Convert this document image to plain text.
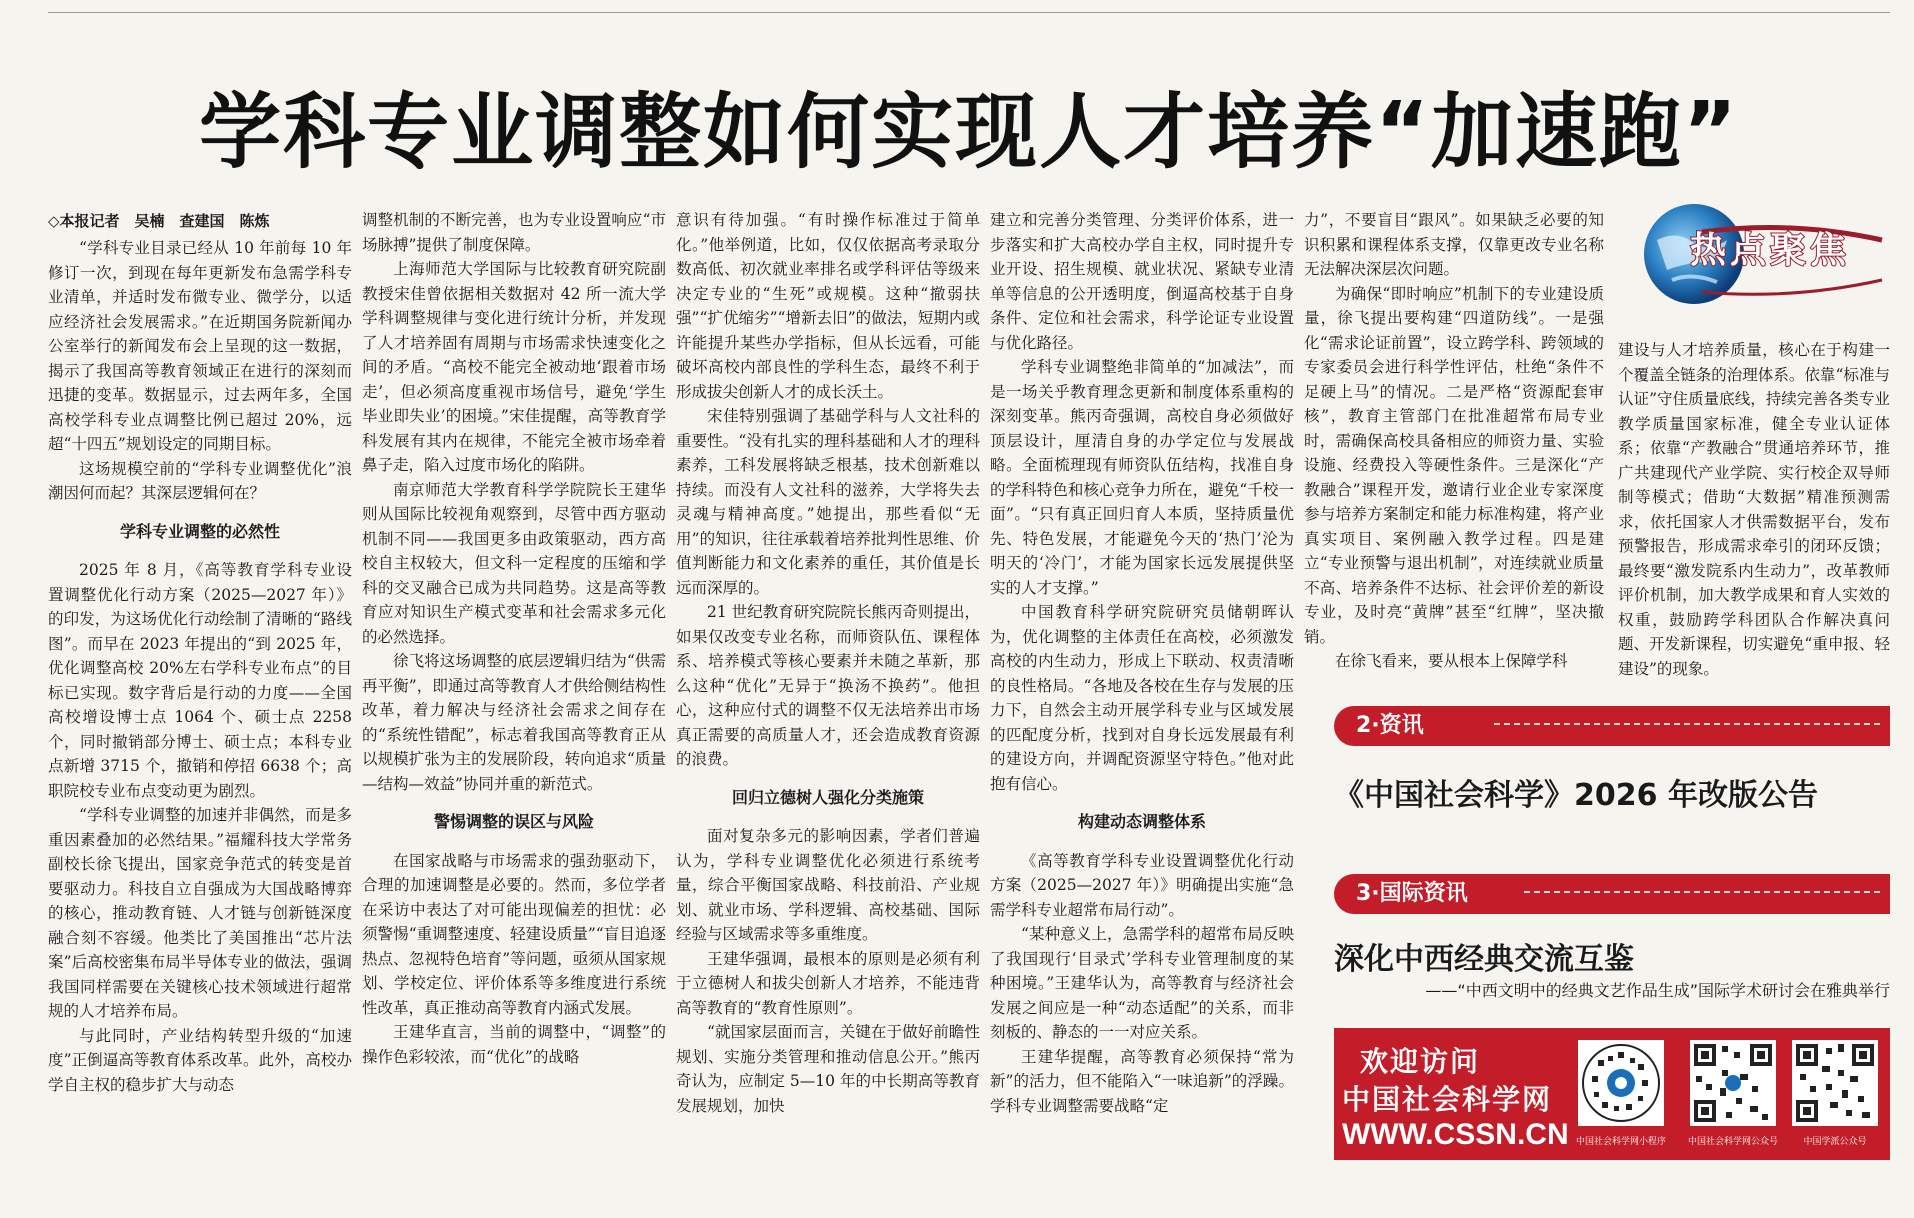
学科专业调整如何实现人才培养“加速跑”
◇本报记者　吴楠　查建国　陈炼

“学科专业目录已经从 10 年前每 10 年修订一次，到现在每年更新发布急需学科专业清单，并适时发布微专业、微学分，以适应经济社会发展需求。”在近期国务院新闻办公室举行的新闻发布会上呈现的这一数据，揭示了我国高等教育领域正在进行的深刻而迅捷的变革。数据显示，过去两年多，全国高校学科专业点调整比例已超过 20%，远超“十四五”规划设定的同期目标。

这场规模空前的“学科专业调整优化”浪潮因何而起？其深层逻辑何在？

学科专业调整的必然性

2025 年 8 月，《高等教育学科专业设置调整优化行动方案（2025—2027 年）》的印发，为这场优化行动绘制了清晰的“路线图”。而早在 2023 年提出的“到 2025 年，优化调整高校 20%左右学科专业布点”的目标已实现。数字背后是行动的力度——全国高校增设博士点 1064 个、硕士点 2258 个，同时撤销部分博士、硕士点；本科专业点新增 3715 个，撤销和停招 6638 个；高职院校专业布点变动更为剧烈。

“学科专业调整的加速并非偶然，而是多重因素叠加的必然结果。”福耀科技大学常务副校长徐飞提出，国家竞争范式的转变是首要驱动力。科技自立自强成为大国战略博弈的核心，推动教育链、人才链与创新链深度融合刻不容缓。他类比了美国推出“芯片法案”后高校密集布局半导体专业的做法，强调我国同样需要在关键核心技术领域进行超常规的人才培养布局。

与此同时，产业结构转型升级的“加速度”正倒逼高等教育体系改革。此外，高校办学自主权的稳步扩大与动态

调整机制的不断完善，也为专业设置响应“市场脉搏”提供了制度保障。

上海师范大学国际与比较教育研究院副教授宋佳曾依据相关数据对 42 所一流大学学科调整规律与变化进行统计分析，并发现了人才培养固有周期与市场需求快速变化之间的矛盾。“高校不能完全被动地‘跟着市场走’，但必须高度重视市场信号，避免‘学生毕业即失业’的困境。”宋佳提醒，高等教育学科发展有其内在规律，不能完全被市场牵着鼻子走，陷入过度市场化的陷阱。

南京师范大学教育科学学院院长王建华则从国际比较视角观察到，尽管中西方驱动机制不同——我国更多由政策驱动，西方高校自主权较大，但文科一定程度的压缩和学科的交叉融合已成为共同趋势。这是高等教育应对知识生产模式变革和社会需求多元化的必然选择。

徐飞将这场调整的底层逻辑归结为“供需再平衡”，即通过高等教育人才供给侧结构性改革，着力解决与经济社会需求之间存在的“系统性错配”，标志着我国高等教育正从以规模扩张为主的发展阶段，转向追求“质量—结构—效益”协同并重的新范式。

警惕调整的误区与风险

在国家战略与市场需求的强劲驱动下，合理的加速调整是必要的。然而，多位学者在采访中表达了对可能出现偏差的担忧：必须警惕“重调整速度、轻建设质量”“盲目追逐热点、忽视特色培育”等问题，亟须从国家规划、学校定位、评价体系等多维度进行系统性改革，真正推动高等教育内涵式发展。

王建华直言，当前的调整中，“调整”的操作色彩较浓，而“优化”的战略

意识有待加强。“有时操作标准过于简单化。”他举例道，比如，仅仅依据高考录取分数高低、初次就业率排名或学科评估等级来决定专业的“生死”或规模。这种“撤弱扶强”“扩优缩劣”“增新去旧”的做法，短期内或许能提升某些办学指标，但从长远看，可能破坏高校内部良性的学科生态，最终不利于形成拔尖创新人才的成长沃土。

宋佳特别强调了基础学科与人文社科的重要性。“没有扎实的理科基础和人才的理科素养，工科发展将缺乏根基，技术创新难以持续。而没有人文社科的滋养，大学将失去灵魂与精神高度。”她提出，那些看似“无用”的知识，往往承载着培养批判性思维、价值判断能力和文化素养的重任，其价值是长远而深厚的。

21 世纪教育研究院院长熊丙奇则提出，如果仅改变专业名称，而师资队伍、课程体系、培养模式等核心要素并未随之革新，那么这种“优化”无异于“换汤不换药”。他担心，这种应付式的调整不仅无法培养出市场真正需要的高质量人才，还会造成教育资源的浪费。

回归立德树人强化分类施策

面对复杂多元的影响因素，学者们普遍认为，学科专业调整优化必须进行系统考量，综合平衡国家战略、科技前沿、产业规划、就业市场、学科逻辑、高校基础、国际经验与区域需求等多重维度。

王建华强调，最根本的原则是必须有利于立德树人和拔尖创新人才培养，不能违背高等教育的“教育性原则”。

“就国家层面而言，关键在于做好前瞻性规划、实施分类管理和推动信息公开。”熊丙奇认为，应制定 5—10 年的中长期高等教育发展规划，加快

建立和完善分类管理、分类评价体系，进一步落实和扩大高校办学自主权，同时提升专业开设、招生规模、就业状况、紧缺专业清单等信息的公开透明度，倒逼高校基于自身条件、定位和社会需求，科学论证专业设置与优化路径。

学科专业调整绝非简单的“加减法”，而是一场关乎教育理念更新和制度体系重构的深刻变革。熊丙奇强调，高校自身必须做好顶层设计，厘清自身的办学定位与发展战略。全面梳理现有师资队伍结构，找准自身的学科特色和核心竞争力所在，避免“千校一面”。“只有真正回归育人本质，坚持质量优先、特色发展，才能避免今天的‘热门’沦为明天的‘冷门’，才能为国家长远发展提供坚实的人才支撑。”

中国教育科学研究院研究员储朝晖认为，优化调整的主体责任在高校，必须激发高校的内生动力，形成上下联动、权责清晰的良性格局。“各地及各校在生存与发展的压力下，自然会主动开展学科专业与区域发展的匹配度分析，找到对自身长远发展最有利的建设方向，并调配资源坚守特色。”他对此抱有信心。

构建动态调整体系

《高等教育学科专业设置调整优化行动方案（2025—2027 年）》明确提出实施“急需学科专业超常布局行动”。

“某种意义上，急需学科的超常布局反映了我国现行‘目录式’学科专业管理制度的某种困境。”王建华认为，高等教育与经济社会发展之间应是一种“动态适配”的关系，而非刻板的、静态的一一对应关系。

王建华提醒，高等教育必须保持“常为新”的活力，但不能陷入“一味追新”的浮躁。学科专业调整需要战略“定

力”，不要盲目“跟风”。如果缺乏必要的知识积累和课程体系支撑，仅靠更改专业名称无法解决深层次问题。

为确保“即时响应”机制下的专业建设质量，徐飞提出要构建“四道防线”。一是强化“需求论证前置”，设立跨学科、跨领域的专家委员会进行科学性评估，杜绝“条件不足硬上马”的情况。二是严格“资源配套审核”，教育主管部门在批准超常布局专业时，需确保高校具备相应的师资力量、实验设施、经费投入等硬性条件。三是深化“产教融合”课程开发，邀请行业企业专家深度参与培养方案制定和能力标准构建，将产业真实项目、案例融入教学过程。四是建立“专业预警与退出机制”，对连续就业质量不高、培养条件不达标、社会评价差的新设专业，及时亮“黄牌”甚至“红牌”，坚决撤销。

在徐飞看来，要从根本上保障学科

建设与人才培养质量，核心在于构建一个覆盖全链条的治理体系。依靠“标准与认证”守住质量底线，持续完善各类专业教学质量国家标准，健全专业认证体系；依靠“产教融合”贯通培养环节，推广共建现代产业学院、实行校企双导师制等模式；借助“大数据”精准预测需求，依托国家人才供需数据平台，发布预警报告，形成需求牵引的闭环反馈；最终要“激发院系内生动力”，改革教师评价机制，加大教学成果和育人实效的权重，鼓励跨学科团队合作解决真问题、开发新课程，切实避免“重申报、轻建设”的现象。

热点聚焦
2·资讯
《中国社会科学》2026 年改版公告
3·国际资讯
深化中西经典交流互鉴
——“中西文明中的经典文艺作品生成”国际学术研讨会在雅典举行
欢迎访问
中国社会科学网
WWW.CSSN.CN 中国社会科学网小程序	中国社会科学网公众号	中国学派公众号
